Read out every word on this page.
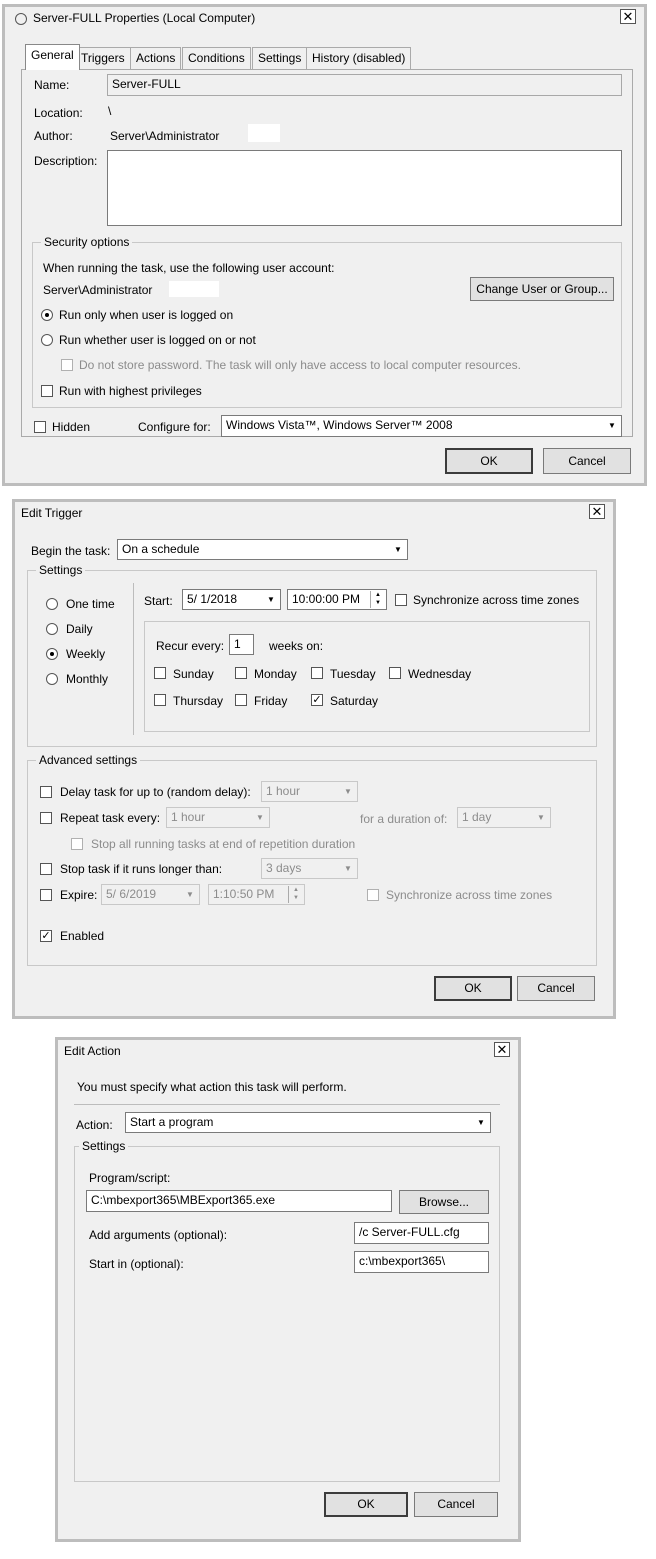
Server-FULL Properties (Local Computer)	✕
General Triggers Actions	Conditions	Settings History (disabled)
Name:	Server-FULL
Location: \
Author:	Server\Administrator
Description:
Security options
When running the task, use the following user account:
Server\Administrator	Change User or Group...
Run only when user is logged on
Run whether user is logged on or not
Do not store password. The task will only have access to local computer resources.
Run with highest privileges
Hidden	Configure for:	Windows Vista™, Windows Server™ 2008	▼
OK	Cancel
Edit Trigger	✕
Begin the task: On a schedule	▼
Settings
One time
Daily
Weekly
Monthly
Start:	5/ 1/2018	▼	10:00:00 PM	▲
▼	Synchronize across time zones
Recur every: 1	weeks on:
Sunday	Monday	Tuesday	Wednesday
Thursday	Friday ✓ Saturday
Advanced settings
Delay task for up to (random delay):	1 hour	▼
Repeat task every: 1 hour	▼	for a duration of:	1 day	▼
Stop all running tasks at end of repetition duration
Stop task if it runs longer than:	3 days	▼
Expire: 5/ 6/2019	▼	1:10:50 PM	▲
▼	Synchronize across time zones
✓ Enabled
OK	Cancel
Edit Action	✕
You must specify what action this task will perform.
Action:	Start a program	▼
Settings
Program/script:
C:\mbexport365\MBExport365.exe	Browse...
Add arguments (optional):	/c Server-FULL.cfg
Start in (optional):	c:\mbexport365\
OK	Cancel
